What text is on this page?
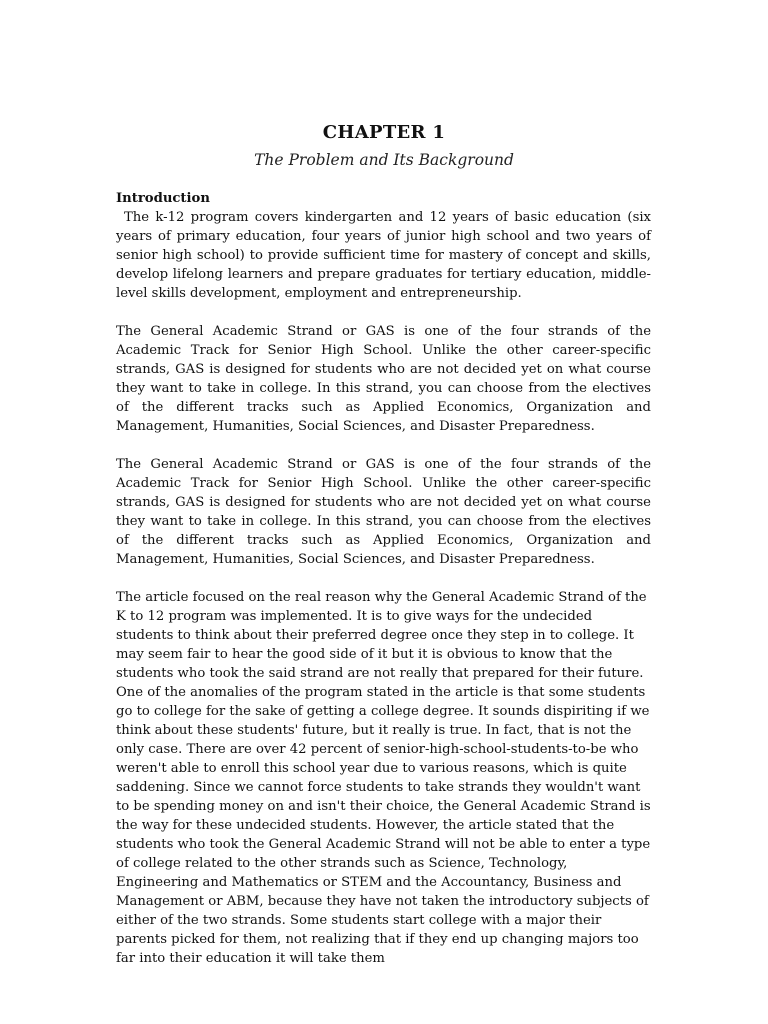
CHAPTER 1
The Problem and Its Background

Introduction

The k-12 program covers kindergarten and 12 years of basic education (six years of primary education, four years of junior high school and two years of senior high school) to provide sufficient time for mastery of concept and skills, develop lifelong learners and prepare graduates for tertiary education, middle-level skills development, employment and entrepreneurship.

The General Academic Strand or GAS is one of the four strands of the Academic Track for Senior High School. Unlike the other career-specific strands, GAS is designed for students who are not decided yet on what course they want to take in college. In this strand, you can choose from the electives of the different tracks such as Applied Economics, Organization and Management, Humanities, Social Sciences, and Disaster Preparedness.

The General Academic Strand or GAS is one of the four strands of the Academic Track for Senior High School. Unlike the other career-specific strands, GAS is designed for students who are not decided yet on what course they want to take in college. In this strand, you can choose from the electives of the different tracks such as Applied Economics, Organization and Management, Humanities, Social Sciences, and Disaster Preparedness.

The article focused on the real reason why the General Academic Strand of the K to 12 program was implemented. It is to give ways for the undecided students to think about their preferred degree once they step in to college. It may seem fair to hear the good side of it but it is obvious to know that the students who took the said strand are not really that prepared for their future. One of the anomalies of the program stated in the article is that some students go to college for the sake of getting a college degree. It sounds dispiriting if we think about these students' future, but it really is true. In fact, that is not the only case. There are over 42 percent of senior-high-school-students-to-be who weren't able to enroll this school year due to various reasons, which is quite saddening. Since we cannot force students to take strands they wouldn't want to be spending money on and isn't their choice, the General Academic Strand is the way for these undecided students. However, the article stated that the students who took the General Academic Strand will not be able to enter a type of college related to the other strands such as Science, Technology, Engineering and Mathematics or STEM and the Accountancy, Business and Management or ABM, because they have not taken the introductory subjects of either of the two strands. Some students start college with a major their parents picked for them, not realizing that if they end up changing majors too far into their education it will take them
